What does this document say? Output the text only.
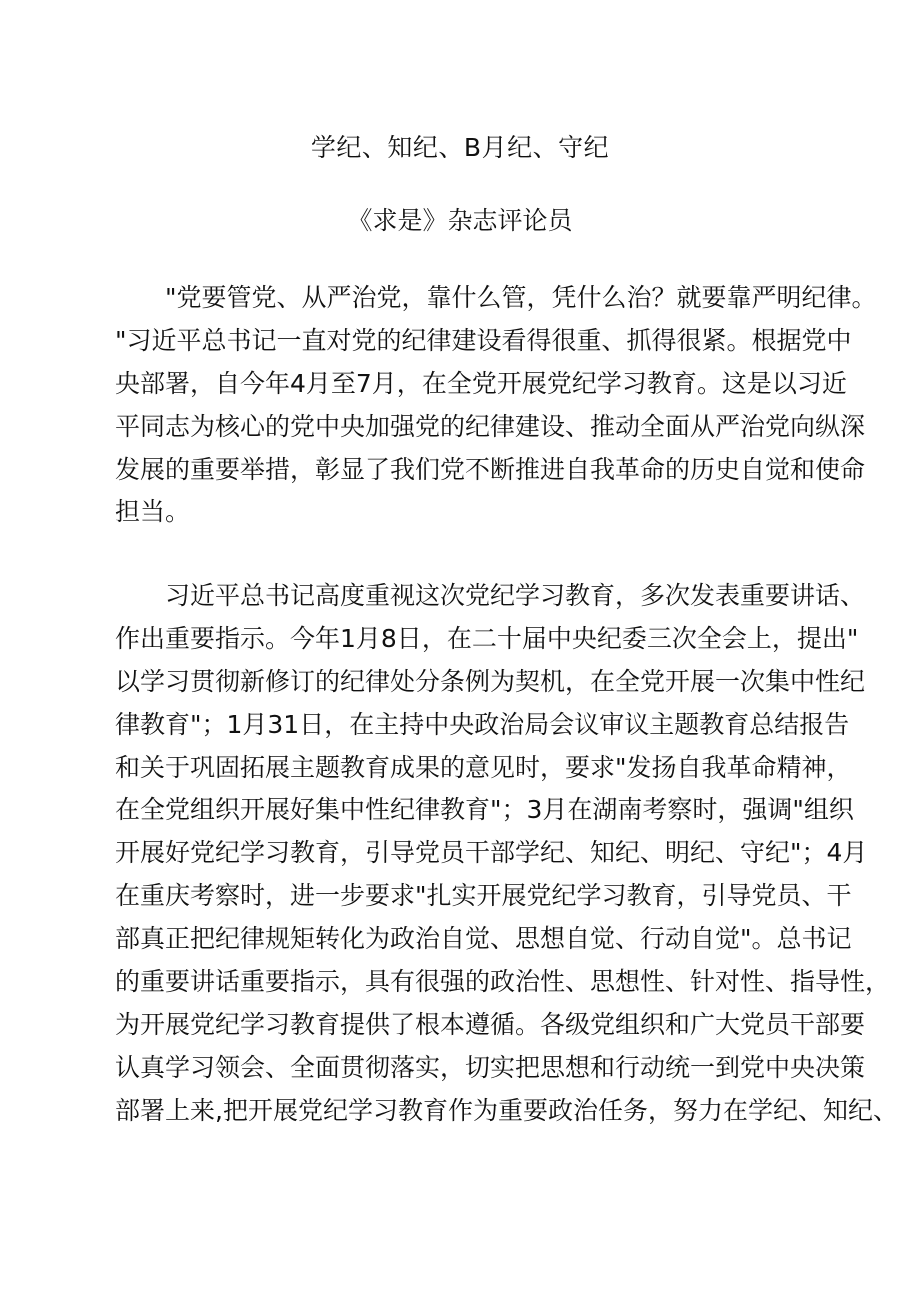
学纪、知纪、B月纪、守纪
《求是》杂志评论员
"党要管党、从严治党，靠什么管，凭什么治？就要靠严明纪律。
"习近平总书记一直对党的纪律建设看得很重、抓得很紧。根据党中
央部署，自今年4月至7月，在全党开展党纪学习教育。这是以习近
平同志为核心的党中央加强党的纪律建设、推动全面从严治党向纵深
发展的重要举措，彰显了我们党不断推进自我革命的历史自觉和使命
担当。
习近平总书记高度重视这次党纪学习教育，多次发表重要讲话、
作出重要指示。今年1月8日，在二十届中央纪委三次全会上，提出"
以学习贯彻新修订的纪律处分条例为契机，在全党开展一次集中性纪
律教育"；1月31日，在主持中央政治局会议审议主题教育总结报告
和关于巩固拓展主题教育成果的意见时，要求"发扬自我革命精神，
在全党组织开展好集中性纪律教育"；3月在湖南考察时，强调"组织
开展好党纪学习教育，引导党员干部学纪、知纪、明纪、守纪"；4月
在重庆考察时，进一步要求"扎实开展党纪学习教育，引导党员、干
部真正把纪律规矩转化为政治自觉、思想自觉、行动自觉"。总书记
的重要讲话重要指示，具有很强的政治性、思想性、针对性、指导性，
为开展党纪学习教育提供了根本遵循。各级党组织和广大党员干部要
认真学习领会、全面贯彻落实，切实把思想和行动统一到党中央决策
部署上来,把开展党纪学习教育作为重要政治任务，努力在学纪、知纪、
